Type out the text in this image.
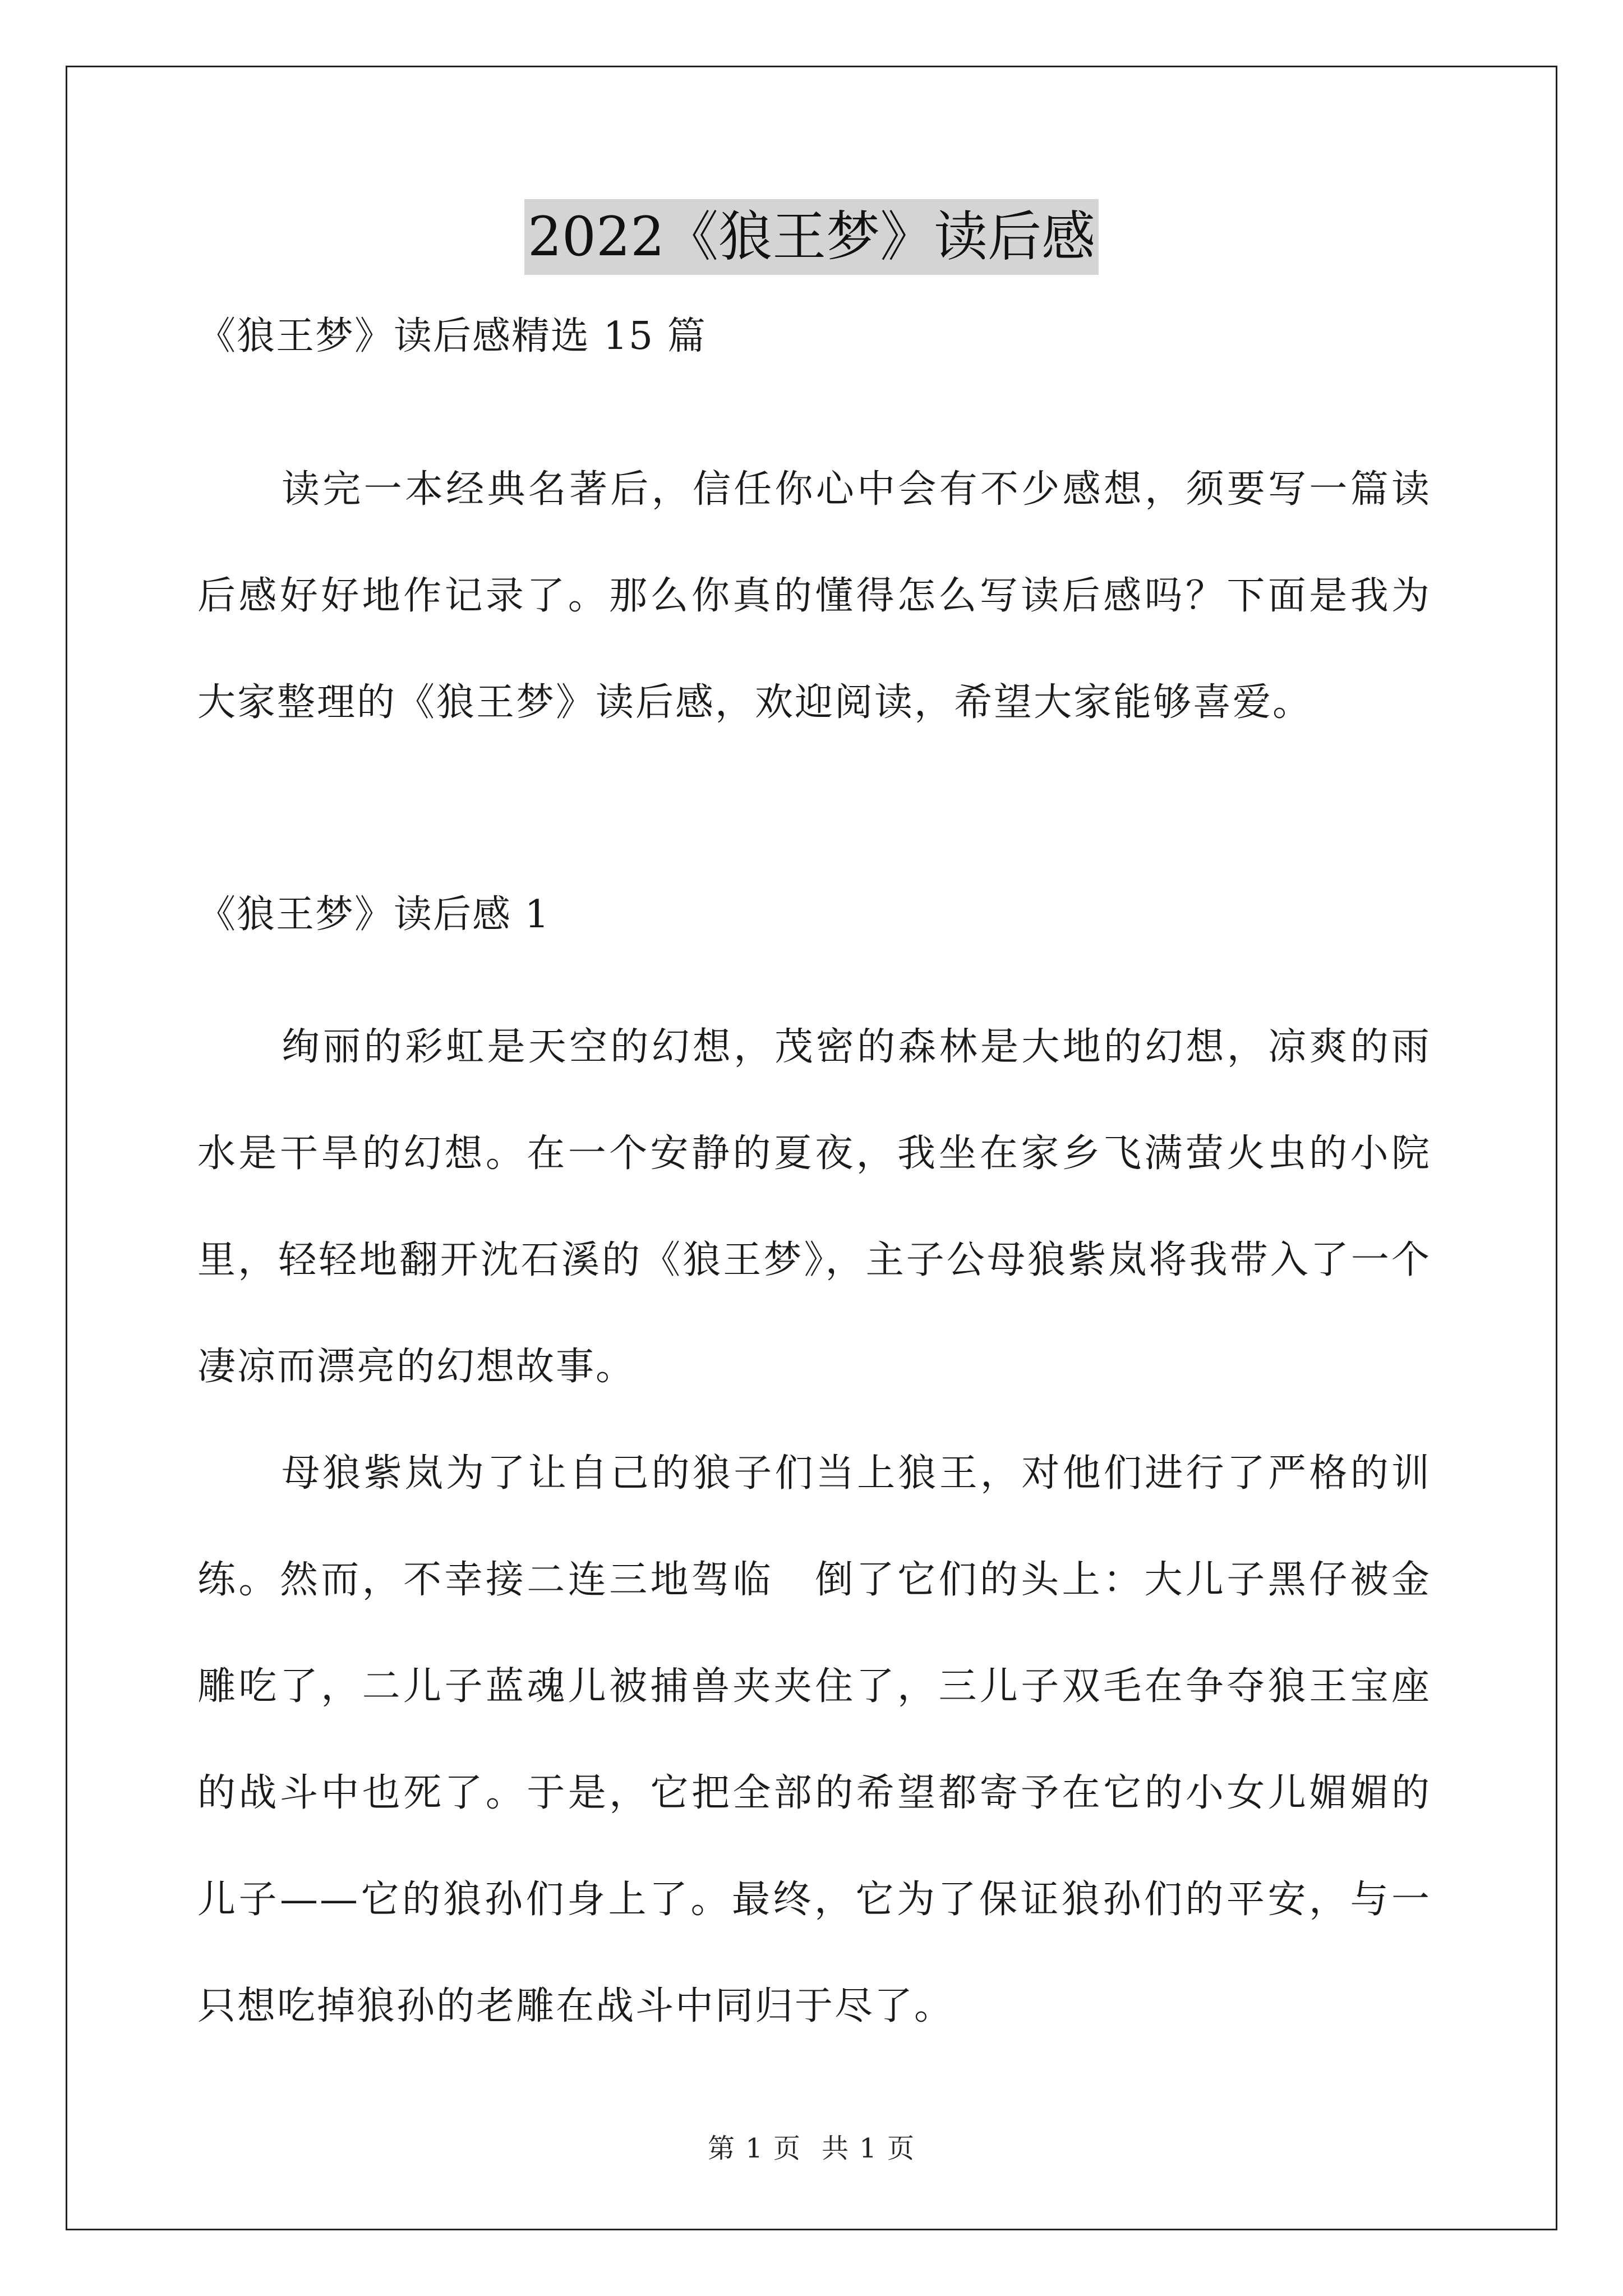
2022《狼王梦》读后感
《狼王梦》读后感精选 15 篇
读完一本经典名著后，信任你心中会有不少感想，须要写一篇读后感好好地作记录了。那么你真的懂得怎么写读后感吗？下面是我为大家整理的《狼王梦》读后感，欢迎阅读，希望大家能够喜爱。
《狼王梦》读后感 1
绚丽的彩虹是天空的幻想，茂密的森林是大地的幻想，凉爽的雨水是干旱的幻想。在一个安静的夏夜，我坐在家乡飞满萤火虫的小院里，轻轻地翻开沈石溪的《狼王梦》，主子公母狼紫岚将我带入了一个凄凉而漂亮的幻想故事。
母狼紫岚为了让自己的狼子们当上狼王，对他们进行了严格的训练。然而，不幸接二连三地驾临　倒了它们的头上：大儿子黑仔被金雕吃了，二儿子蓝魂儿被捕兽夹夹住了，三儿子双毛在争夺狼王宝座的战斗中也死了。于是，它把全部的希望都寄予在它的小女儿媚媚的儿子——它的狼孙们身上了。最终，它为了保证狼孙们的平安，与一只想吃掉狼孙的老雕在战斗中同归于尽了。
第 1 页 共 1 页
